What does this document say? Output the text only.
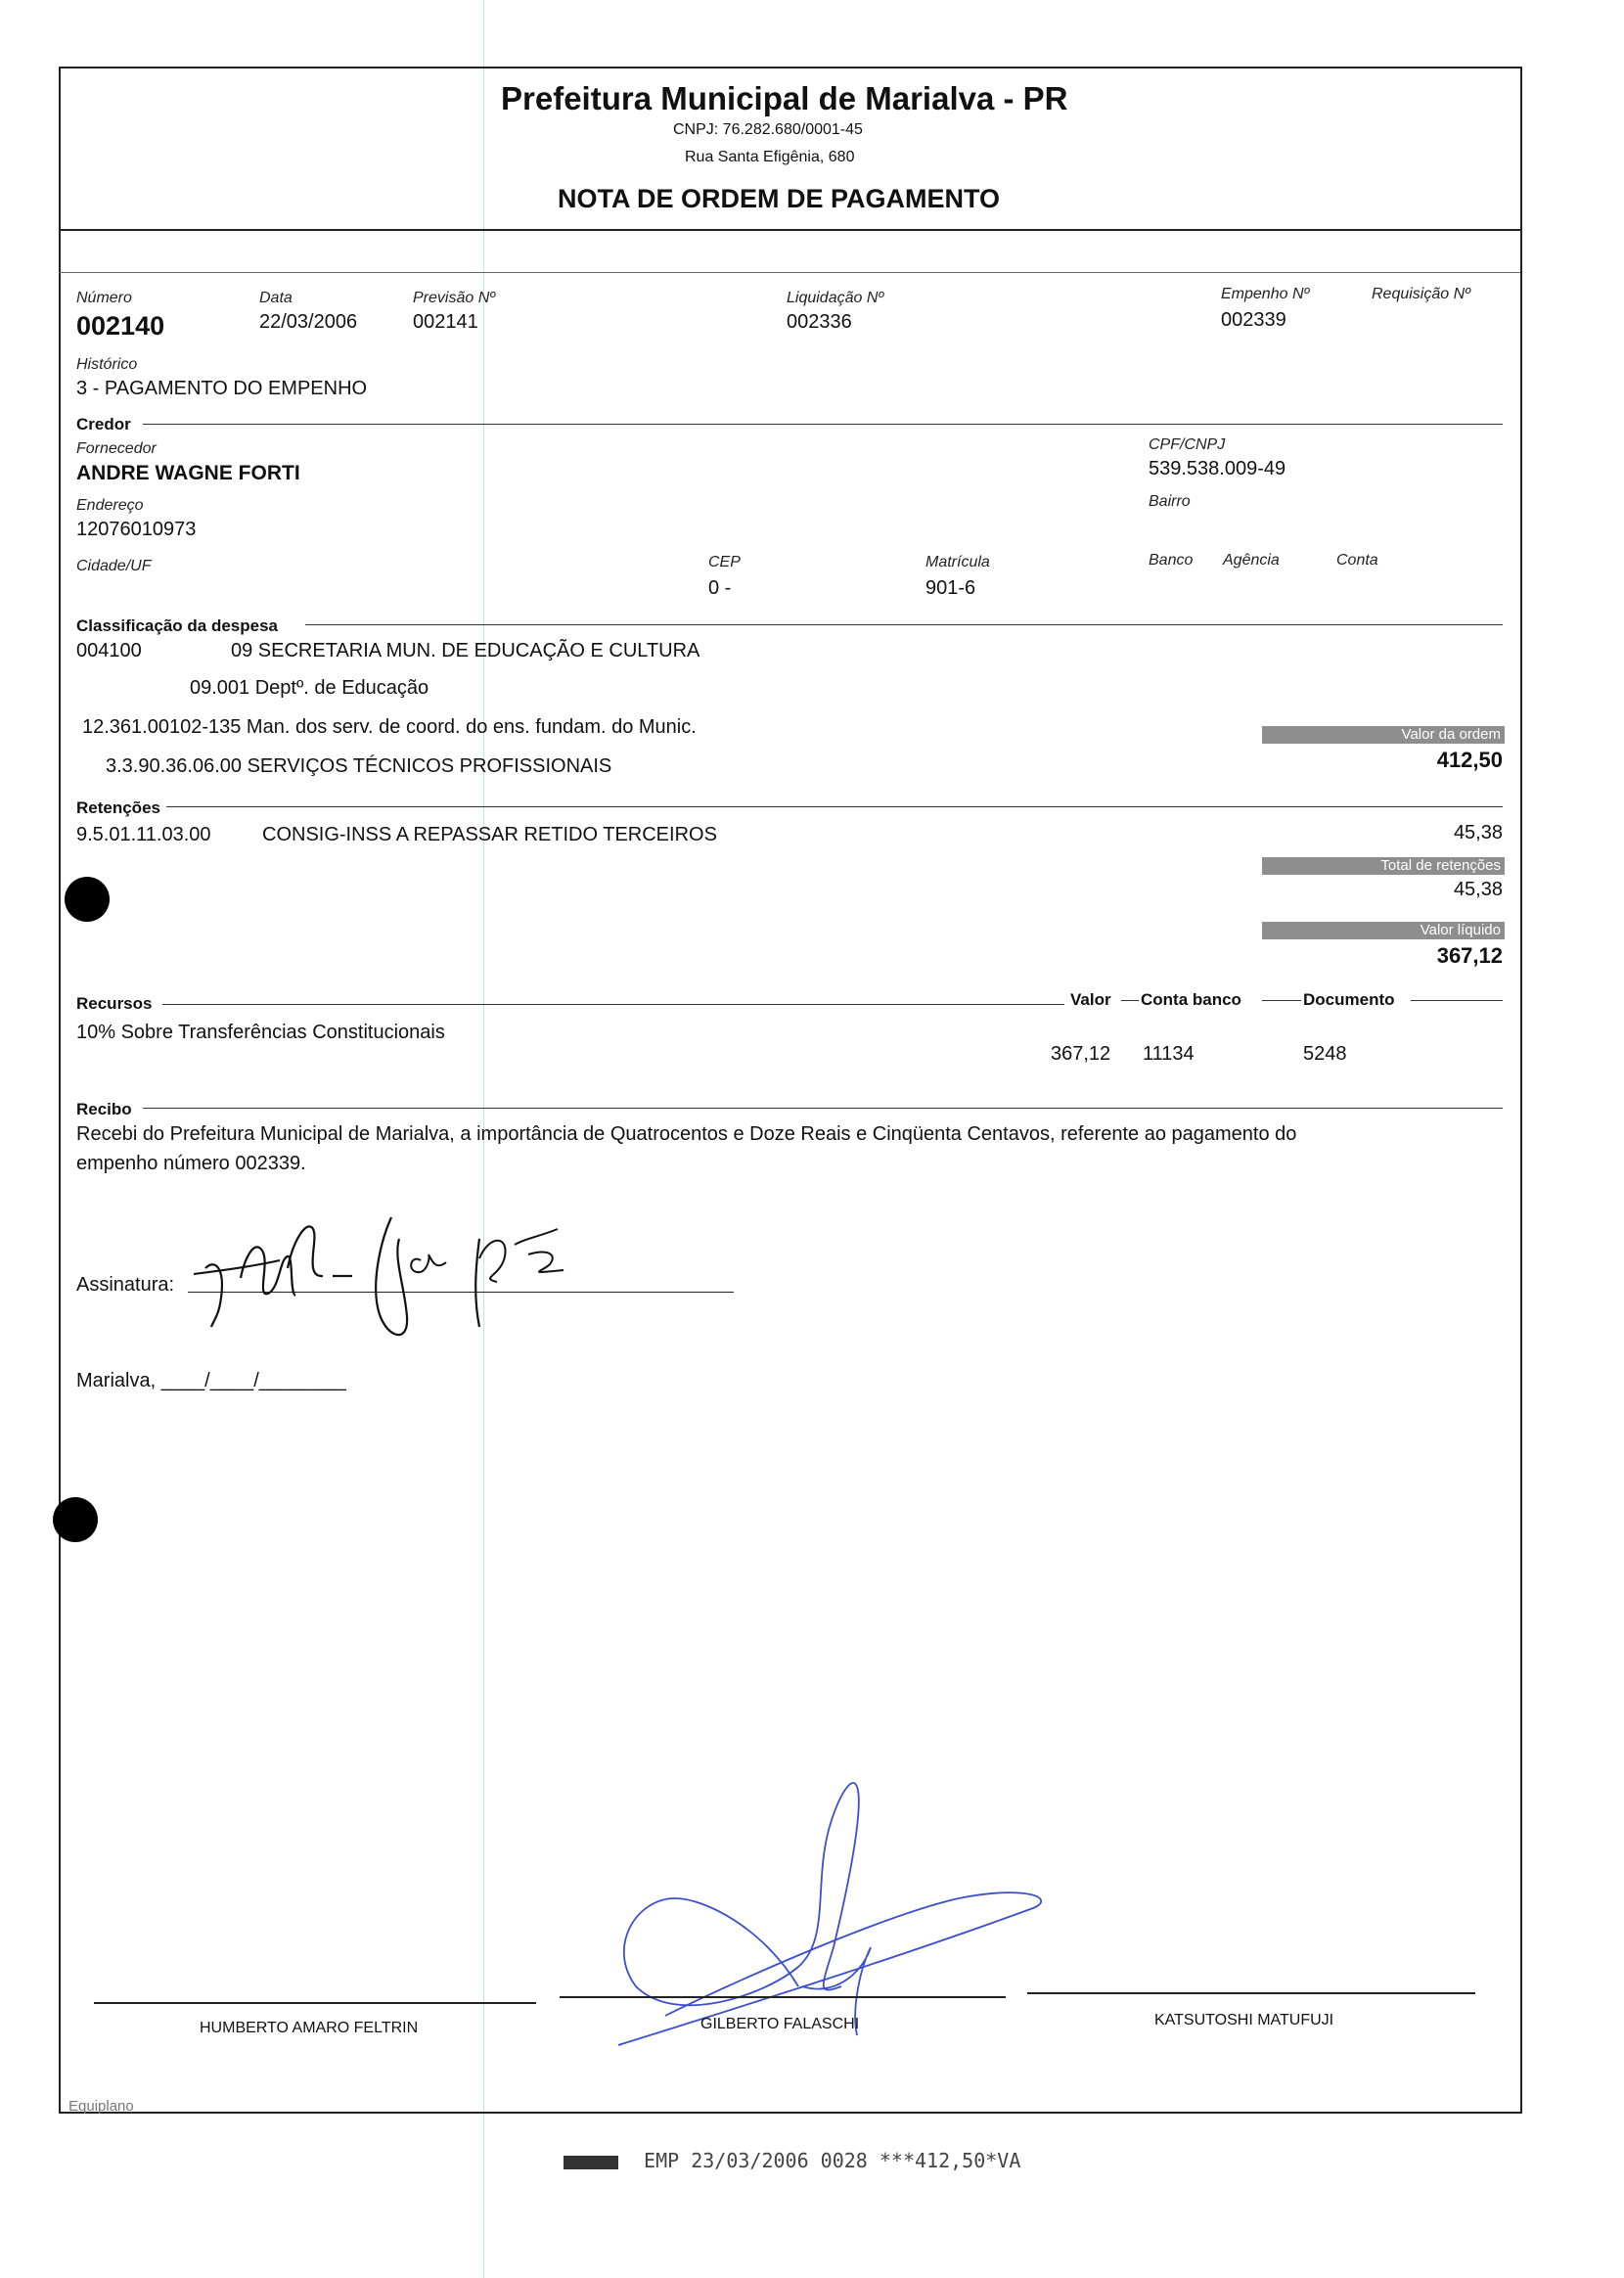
Prefeitura Municipal de Marialva - PR
CNPJ: 76.282.680/0001-45
Rua Santa Efigênia, 680
NOTA DE ORDEM DE PAGAMENTO
Número
002140
Data
22/03/2006
Previsão Nº
002141
Liquidação Nº
002336
Empenho Nº
002339
Requisição Nº
Histórico
3 - PAGAMENTO DO EMPENHO
Credor
Fornecedor
ANDRE WAGNE FORTI
CPF/CNPJ
539.538.009-49
Endereço
12076010973
Bairro
Cidade/UF	CEP
0 -
Matrícula
901-6
Banco Agência	Conta
Classificação da despesa
004100	09 SECRETARIA MUN. DE EDUCAÇÃO E CULTURA
09.001 Deptº. de Educação
12.361.00102-135 Man. dos serv. de coord. do ens. fundam. do Munic.
3.3.90.36.06.00 SERVIÇOS TÉCNICOS PROFISSIONAIS
Valor da ordem
412,50
Retenções
9.5.01.11.03.00	CONSIG-INSS A REPASSAR RETIDO TERCEIROS	45,38
Total de retenções
45,38
Valor líquido
367,12
Recursos	Valor Conta banco	Documento
10% Sobre Transferências Constitucionais
367,12 11134	5248
Recibo
Recebi do Prefeitura Municipal de Marialva, a importância de Quatrocentos e Doze Reais e Cinqüenta Centavos, referente ao pagamento do
empenho número 002339.
Assinatura:
Marialva, ____/____/________
HUMBERTO AMARO FELTRIN	GILBERTO FALASCHI	KATSUTOSHI MATUFUJI
Equiplano
EMP 23/03/2006 0028 ***412,50*VA
